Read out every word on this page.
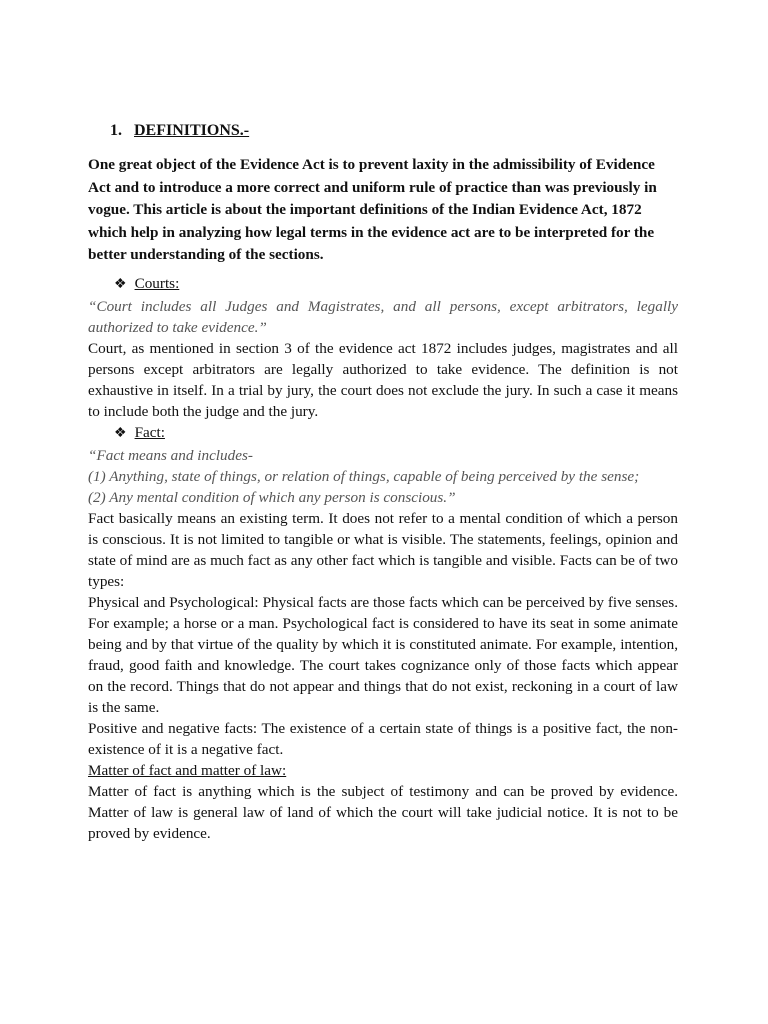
1. DEFINITIONS.-

One great object of the Evidence Act is to prevent laxity in the admissibility of Evidence Act and to introduce a more correct and uniform rule of practice than was previously in vogue. This article is about the important definitions of the Indian Evidence Act, 1872 which help in analyzing how legal terms in the evidence act are to be interpreted for the better understanding of the sections.

❖ Courts:

“Court includes all Judges and Magistrates, and all persons, except arbitrators, legally authorized to take evidence.”

Court, as mentioned in section 3 of the evidence act 1872 includes judges, magistrates and all persons except arbitrators are legally authorized to take evidence. The definition is not exhaustive in itself. In a trial by jury, the court does not exclude the jury. In such a case it means to include both the judge and the jury.

❖ Fact:

“Fact means and includes-

(1) Anything, state of things, or relation of things, capable of being perceived by the sense;

(2) Any mental condition of which any person is conscious.”

Fact basically means an existing term. It does not refer to a mental condition of which a person is conscious. It is not limited to tangible or what is visible. The statements, feelings, opinion and state of mind are as much fact as any other fact which is tangible and visible. Facts can be of two types:

Physical and Psychological: Physical facts are those facts which can be perceived by five senses. For example; a horse or a man. Psychological fact is considered to have its seat in some animate being and by that virtue of the quality by which it is constituted animate. For example, intention, fraud, good faith and knowledge. The court takes cognizance only of those facts which appear on the record. Things that do not appear and things that do not exist, reckoning in a court of law is the same.

Positive and negative facts: The existence of a certain state of things is a positive fact, the non- existence of it is a negative fact.

Matter of fact and matter of law:

Matter of fact is anything which is the subject of testimony and can be proved by evidence. Matter of law is general law of land of which the court will take judicial notice. It is not to be proved by evidence.
